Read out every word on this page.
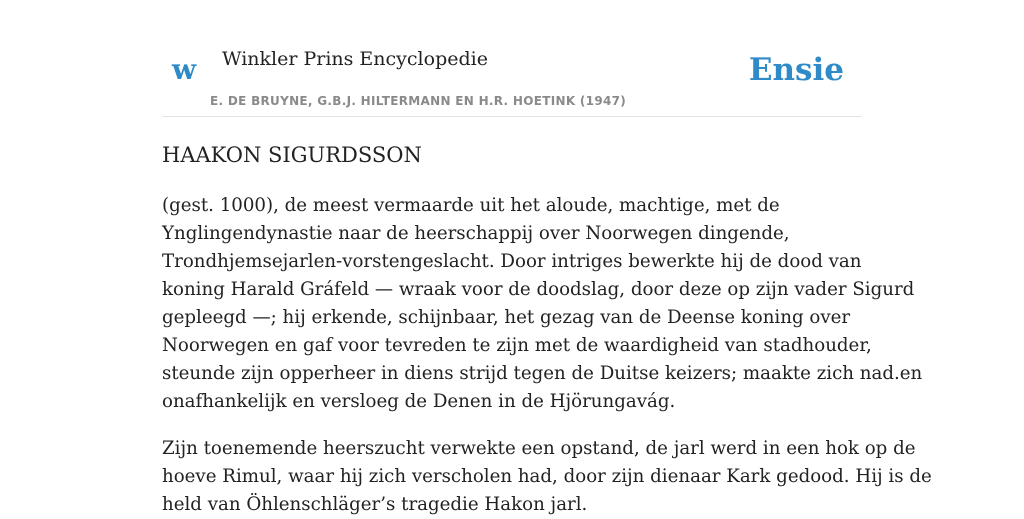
w Winkler Prins Encyclopedie
E. DE BRUYNE, G.B.J. HILTERMANN EN H.R. HOETINK (1947)
Ensie
HAAKON SIGURDSSON

(gest. 1000), de meest vermaarde uit het aloude, machtige, met de
Ynglingendynastie naar de heerschappij over Noorwegen dingende,
Trondhjemsejarlen-vorstengeslacht. Door intriges bewerkte hij de dood van
koning Harald Gráfeld — wraak voor de doodslag, door deze op zijn vader Sigurd
gepleegd —; hij erkende, schijnbaar, het gezag van de Deense koning over
Noorwegen en gaf voor tevreden te zijn met de waardigheid van stadhouder,
steunde zijn opperheer in diens strijd tegen de Duitse keizers; maakte zich nad.en
onafhankelijk en versloeg de Denen in de Hjörungavág.

Zijn toenemende heerszucht verwekte een opstand, de jarl werd in een hok op de
hoeve Rimul, waar hij zich verscholen had, door zijn dienaar Kark gedood. Hij is de
held van Öhlenschläger’s tragedie Hakon jarl.
